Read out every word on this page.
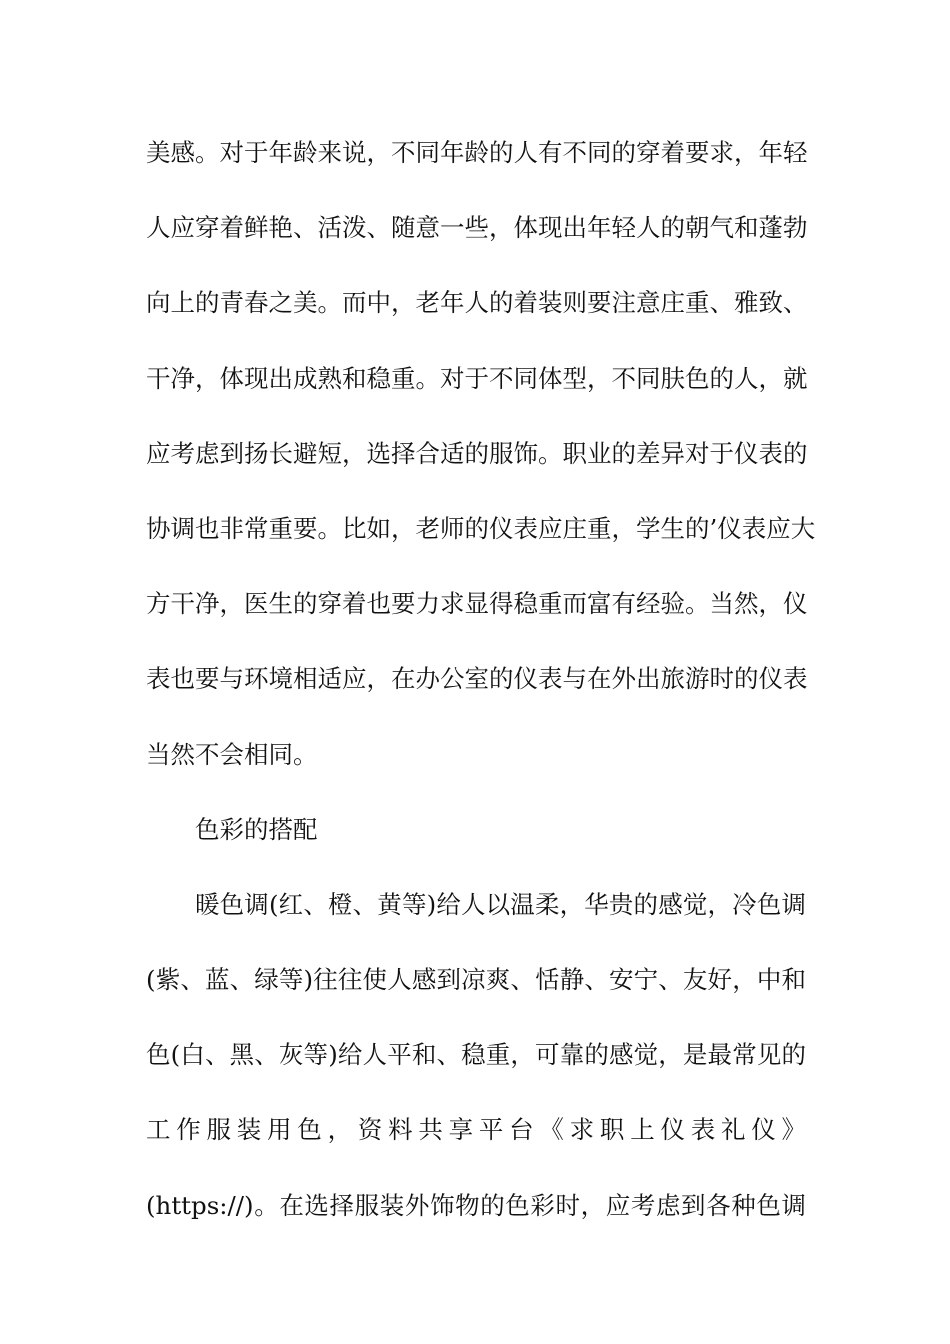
美感。对于年龄来说，不同年龄的人有不同的穿着要求，年轻
人应穿着鲜艳、活泼、随意一些，体现出年轻人的朝气和蓬勃
向上的青春之美。而中，老年人的着装则要注意庄重、雅致、
干净，体现出成熟和稳重。对于不同体型，不同肤色的人，就
应考虑到扬长避短，选择合适的服饰。职业的差异对于仪表的
协调也非常重要。比如，老师的仪表应庄重，学生的’仪表应大
方干净，医生的穿着也要力求显得稳重而富有经验。当然，仪
表也要与环境相适应，在办公室的仪表与在外出旅游时的仪表
当然不会相同。
色彩的搭配
暖色调(红、橙、黄等)给人以温柔，华贵的感觉，冷色调
(紫、蓝、绿等)往往使人感到凉爽、恬静、安宁、友好，中和
色(白、黑、灰等)给人平和、稳重，可靠的感觉，是最常见的
工作服装用色，资料共享平台《求职上仪表礼仪》
(https://)。在选择服装外饰物的色彩时，应考虑到各种色调
